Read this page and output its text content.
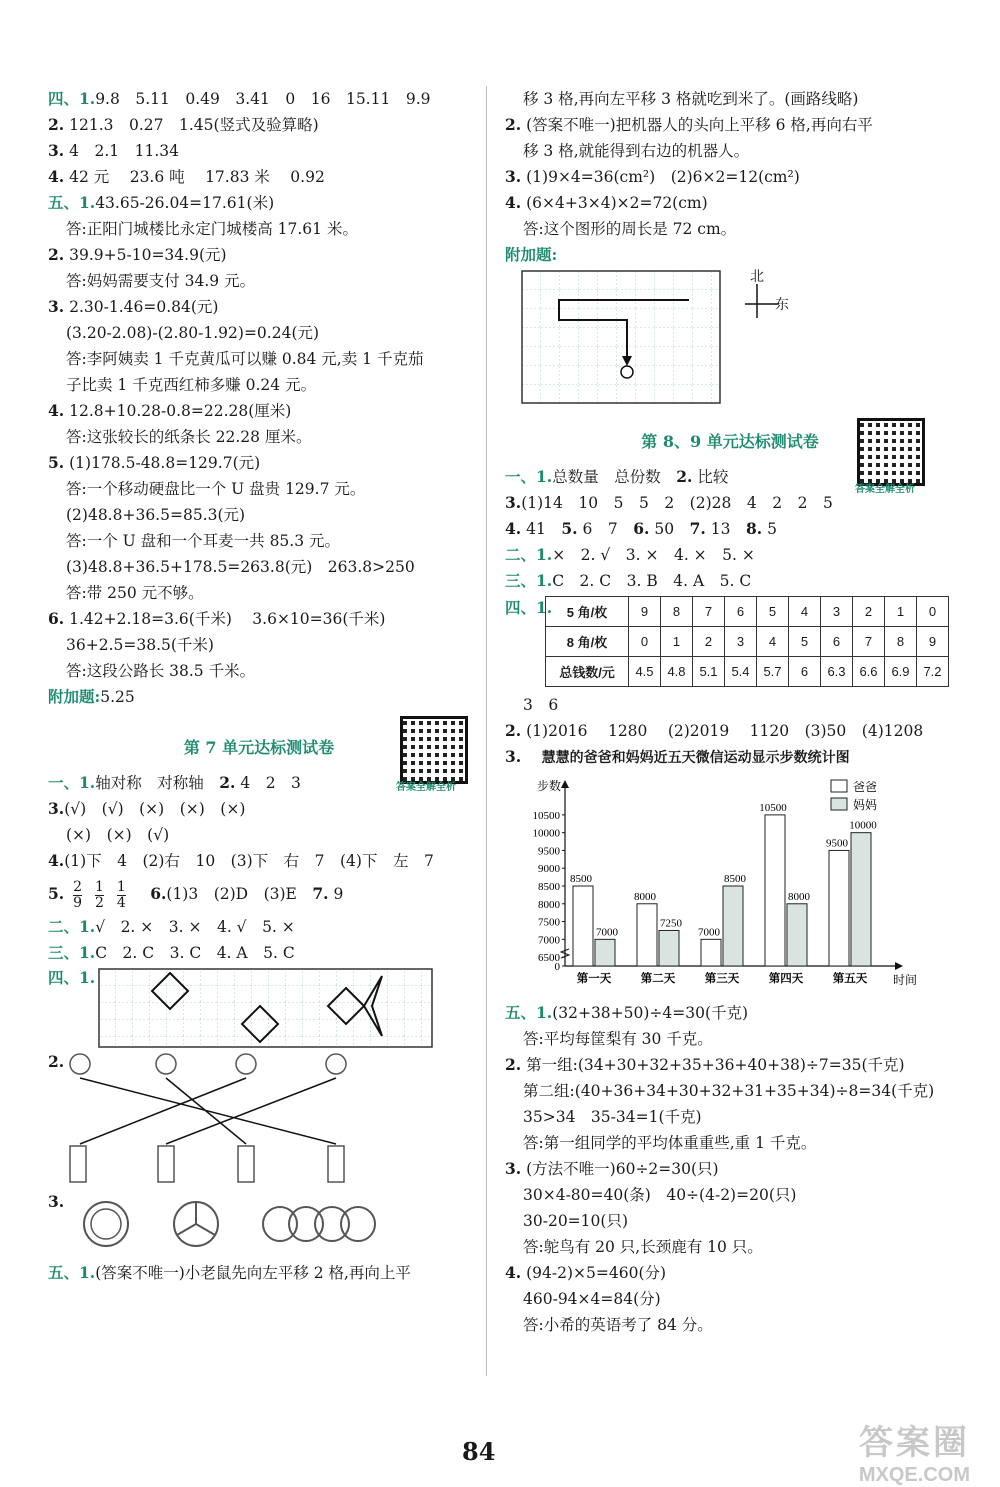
四、1.9.8　5.11　0.49　3.41　0　16　15.11　9.9
2. 121.3　0.27　1.45(竖式及验算略)
3. 4　2.1　11.34
4. 42 元　 23.6 吨　 17.83 米　 0.92
五、1.43.65-26.04=17.61(米)
答:正阳门城楼比永定门城楼高 17.61 米。
2. 39.9+5-10=34.9(元)
答:妈妈需要支付 34.9 元。
3. 2.30-1.46=0.84(元)
(3.20-2.08)-(2.80-1.92)=0.24(元)
答:李阿姨卖 1 千克黄瓜可以赚 0.84 元,卖 1 千克茄
子比卖 1 千克西红柿多赚 0.24 元。
4. 12.8+10.28-0.8=22.28(厘米)
答:这张较长的纸条长 22.28 厘米。
5. (1)178.5-48.8=129.7(元)
答:一个移动硬盘比一个 U 盘贵 129.7 元。
(2)48.8+36.5=85.3(元)
答:一个 U 盘和一个耳麦一共 85.3 元。
(3)48.8+36.5+178.5=263.8(元)　263.8>250
答:带 250 元不够。
6. 1.42+2.18=3.6(千米)　 3.6×10=36(千米)
36+2.5=38.5(千米)
答:这段公路长 38.5 千米。
附加题:5.25
第 7 单元达标测试卷
答案全解全析
一、1.轴对称　对称轴　2. 4　2　3
3.(√)　(√)　(×)　(×)　(×)
(×)　(×)　(√)
4.(1)下　4　(2)右　10　(3)下　右　7　(4)下　左　7
5. $\frac{2}{9}$
$\frac{1}{2}$
$\frac{1}{4}$
　 6.(1)3　(2)D　(3)E　 7. 9
二、1.√　2. ×　3. ×　4. √　5. ×
三、1.C　2. C　3. C　4. A　5. C
四、1.
2.
3.
五、1.(答案不唯一)小老鼠先向左平移 2 格,再向上平
移 3 格,再向左平移 3 格就吃到米了。(画路线略)
2. (答案不唯一)把机器人的头向上平移 6 格,再向右平
移 3 格,就能得到右边的机器人。
3. (1)9×4=36(cm²)　(2)6×2=12(cm²)
4. (6×4+3×4)×2=72(cm)
答:这个图形的周长是 72 cm。
附加题:
北
东
第 8、9 单元达标测试卷
答案全解全析
一、1.总数量　总份数　2. 比较
3.(1)14　10　5　5　2　(2)28　4　2　2　5
4. 41　5. 6　7　6. 50　7. 13　8. 5
二、1.×　2. √　3. ×　4. ×　5. ×
三、1.C　2. C　3. B　4. A　5. C
四、1. 5 角/枚	9	8	7	6	5	4	3	2	1	0
8 角/枚	0	1	2	3	4	5	6	7	8	9
总钱数/元	4.5	4.8	5.1	5.4	5.7	6	6.3	6.6	6.9	7.2
3　6
2. (1)2016　 1280　 (2)2019　 1120　(3)50　(4)1208
3.　 慧慧的爸爸和妈妈近五天微信运动显示步数统计图
步数
时间
0
6500
7000
7500
8000
8500
9000
9500
10000
10500
8500
7000
第一天
8000
7250
第二天
7000
8500
第三天
10500
8000
第四天
9500
10000
第五天
爸爸
妈妈
五、1.(32+38+50)÷4=30(千克)
答:平均每筐梨有 30 千克。
2. 第一组:(34+30+32+35+36+40+38)÷7=35(千克)
第二组:(40+36+34+30+32+31+35+34)÷8=34(千克)
35>34　35-34=1(千克)
答:第一组同学的平均体重重些,重 1 千克。
3. (方法不唯一)60÷2=30(只)
30×4-80=40(条)　40÷(4-2)=20(只)
30-20=10(只)
答:鸵鸟有 20 只,长颈鹿有 10 只。
4. (94-2)×5=460(分)
460-94×4=84(分)
答:小希的英语考了 84 分。
84	答案圈
MXQE.COM
